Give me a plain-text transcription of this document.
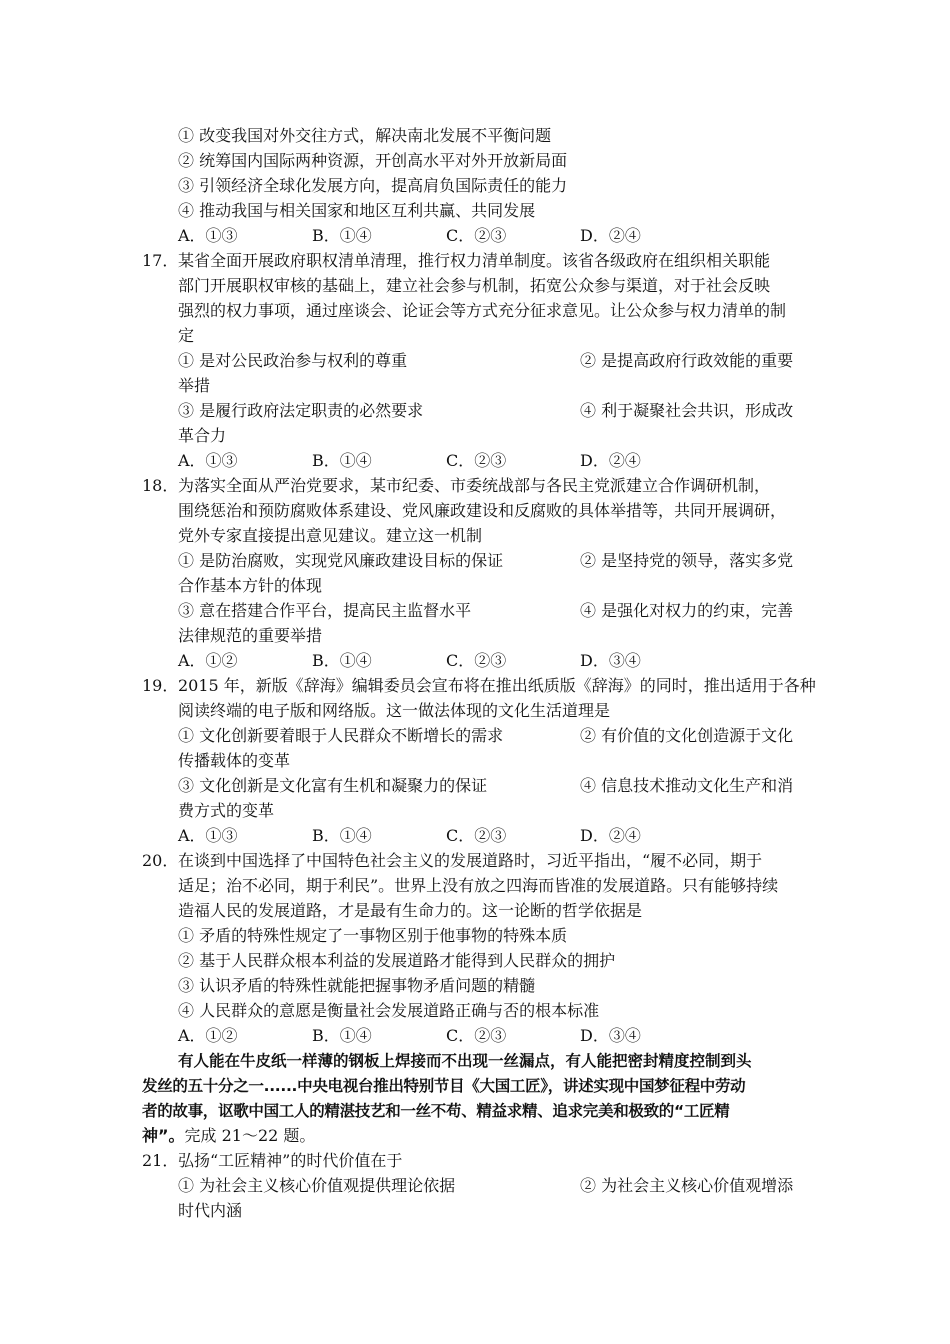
① 改变我国对外交往方式，解决南北发展不平衡问题
② 统筹国内国际两种资源，开创高水平对外开放新局面
③ 引领经济全球化发展方向，提高肩负国际责任的能力
④ 推动我国与相关国家和地区互利共赢、共同发展
A．①③	B．①④	C．②③	D．②④
17． 某省全面开展政府职权清单清理，推行权力清单制度。该省各级政府在组织相关职能
部门开展职权审核的基础上，建立社会参与机制，拓宽公众参与渠道，对于社会反映
强烈的权力事项，通过座谈会、论证会等方式充分征求意见。让公众参与权力清单的制
定
① 是对公民政治参与权利的尊重	② 是提高政府行政效能的重要
举措
③ 是履行政府法定职责的必然要求	④ 利于凝聚社会共识，形成改
革合力
A．①③	B．①④	C．②③	D．②④
18． 为落实全面从严治党要求，某市纪委、市委统战部与各民主党派建立合作调研机制，
围绕惩治和预防腐败体系建设、党风廉政建设和反腐败的具体举措等，共同开展调研，
党外专家直接提出意见建议。建立这一机制
① 是防治腐败，实现党风廉政建设目标的保证	② 是坚持党的领导，落实多党
合作基本方针的体现
③ 意在搭建合作平台，提高民主监督水平	④ 是强化对权力的约束，完善
法律规范的重要举措
A．①②	B．①④	C．②③	D．③④
19． 2015 年，新版《辞海》编辑委员会宣布将在推出纸质版《辞海》的同时，推出适用于各种
阅读终端的电子版和网络版。这一做法体现的文化生活道理是
① 文化创新要着眼于人民群众不断增长的需求	② 有价值的文化创造源于文化
传播载体的变革
③ 文化创新是文化富有生机和凝聚力的保证	④ 信息技术推动文化生产和消
费方式的变革
A．①③	B．①④	C．②③	D．②④
20． 在谈到中国选择了中国特色社会主义的发展道路时，习近平指出，“履不必同，期于
适足；治不必同，期于利民”。世界上没有放之四海而皆准的发展道路。只有能够持续
造福人民的发展道路，才是最有生命力的。这一论断的哲学依据是
① 矛盾的特殊性规定了一事物区别于他事物的特殊本质
② 基于人民群众根本利益的发展道路才能得到人民群众的拥护
③ 认识矛盾的特殊性就能把握事物矛盾问题的精髓
④ 人民群众的意愿是衡量社会发展道路正确与否的根本标准
A．①②	B．①④	C．②③	D．③④
有人能在牛皮纸一样薄的钢板上焊接而不出现一丝漏点，有人能把密封精度控制到头
发丝的五十分之一......中央电视台推出特别节目《大国工匠》，讲述实现中国梦征程中劳动
者的故事，讴歌中国工人的精湛技艺和一丝不苟、精益求精、追求完美和极致的“工匠精
神”。完成 21～22 题。
21． 弘扬“工匠精神”的时代价值在于
① 为社会主义核心价值观提供理论依据	② 为社会主义核心价值观增添
时代内涵
